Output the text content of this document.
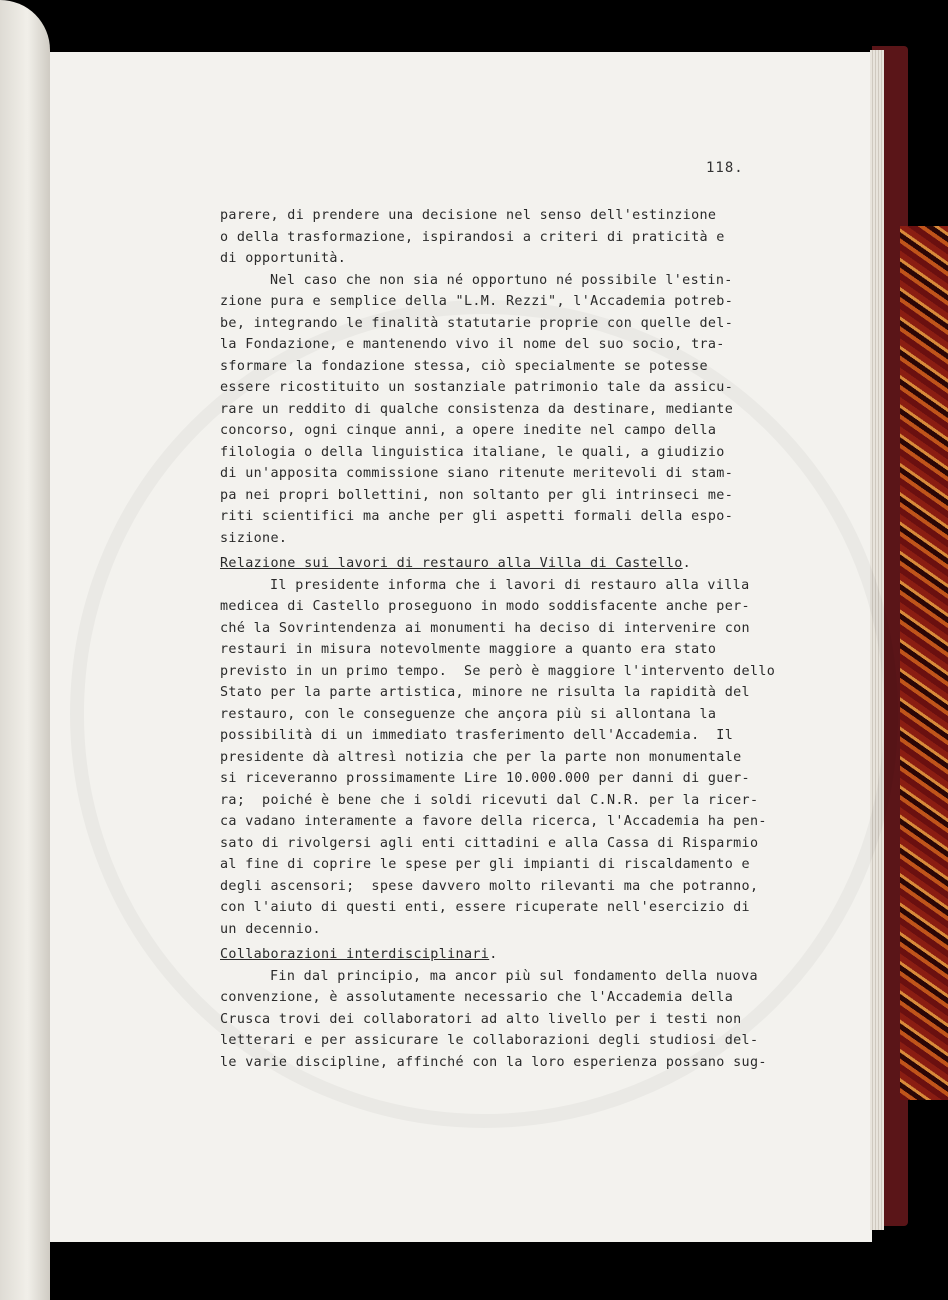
118.
parere, di prendere una decisione nel senso dell'estinzione
o della trasformazione, ispirandosi a criteri di praticità e
di opportunità.
Nel caso che non sia né opportuno né possibile l'estin-
zione pura e semplice della "L.M. Rezzi", l'Accademia potreb-
be, integrando le finalità statutarie proprie con quelle del-
la Fondazione, e mantenendo vivo il nome del suo socio, tra-
sformare la fondazione stessa, ciò specialmente se potesse
essere ricostituito un sostanziale patrimonio tale da assicu-
rare un reddito di qualche consistenza da destinare, mediante
concorso, ogni cinque anni, a opere inedite nel campo della
filologia o della linguistica italiane, le quali, a giudizio
di un'apposita commissione siano ritenute meritevoli di stam-
pa nei propri bollettini, non soltanto per gli intrinseci me-
riti scientifici ma anche per gli aspetti formali della espo-
sizione.
Relazione sui lavori di restauro alla Villa di Castello.
Il presidente informa che i lavori di restauro alla villa
medicea di Castello proseguono in modo soddisfacente anche per-
ché la Sovrintendenza ai monumenti ha deciso di intervenire con
restauri in misura notevolmente maggiore a quanto era stato
previsto in un primo tempo.  Se però è maggiore l'intervento dello
Stato per la parte artistica, minore ne risulta la rapidità del
restauro, con le conseguenze che ançora più si allontana la
possibilità di un immediato trasferimento dell'Accademia.  Il
presidente dà altresì notizia che per la parte non monumentale
si riceveranno prossimamente Lire 10.000.000 per danni di guer-
ra;  poiché è bene che i soldi ricevuti dal C.N.R. per la ricer-
ca vadano interamente a favore della ricerca, l'Accademia ha pen-
sato di rivolgersi agli enti cittadini e alla Cassa di Risparmio
al fine di coprire le spese per gli impianti di riscaldamento e
degli ascensori;  spese davvero molto rilevanti ma che potranno,
con l'aiuto di questi enti, essere ricuperate nell'esercizio di
un decennio.
Collaborazioni interdisciplinari.
Fin dal principio, ma ancor più sul fondamento della nuova
convenzione, è assolutamente necessario che l'Accademia della
Crusca trovi dei collaboratori ad alto livello per i testi non
letterari e per assicurare le collaborazioni degli studiosi del-
le varie discipline, affinché con la loro esperienza possano sug-
